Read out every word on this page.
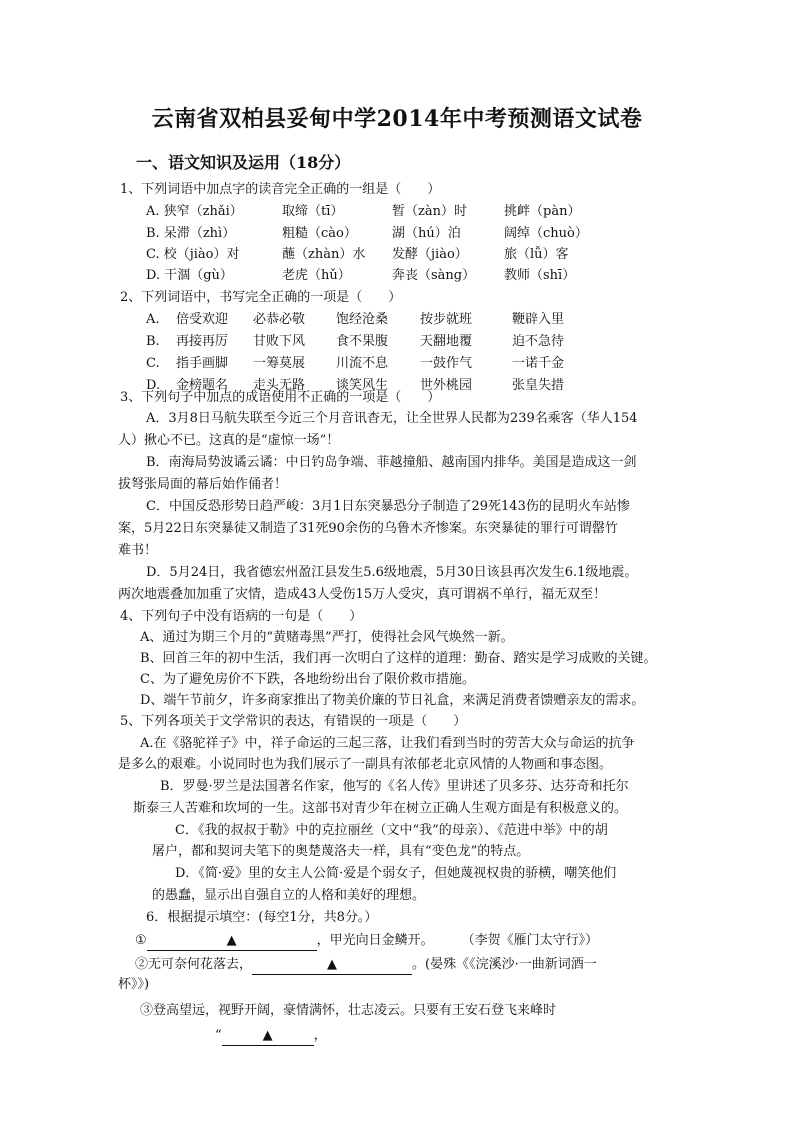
云南省双柏县妥甸中学2014年中考预测语文试卷
一、语文知识及运用（18分）
1、下列词语中加点字的读音完全正确的一组是（　　）
A. 狭窄（zhǎi）	取缔（tī）	暂（zàn）时	挑衅（pàn）
B. 呆滞（zhì）	粗糙（cào）	湖（hú）泊	阔绰（chuò）
C. 校（jiào）对	蘸（zhàn）水 发酵（jiào）	旅（lǚ）客
D. 干涸（gù）	老虎（hǔ）	奔丧（sàng） 教师（shī）
2、下列词语中，书写完全正确的一项是（　　）
A. 倍受欢迎 必恭必敬 饱经沧桑 按步就班	鞭辟入里
B. 再接再厉 甘败下风 食不果腹 天翻地覆	迫不急待
C. 指手画脚 一筹莫展 川流不息 一鼓作气	一诺千金
D. 金榜题名 走头无路 谈笑风生 世外桃园	张皇失措
3、下列句子中加点的成语使用不正确的一项是（　　）
A．3月8日马航失联至今近三个月音讯杳无，让全世界人民都为239名乘客（华人154
人）揪心不已。这真的是“虚惊一场”！
B．南海局势波谲云谲：中日钓岛争端、菲越撞船、越南国内排华。美国是造成这一剑
拔弩张局面的幕后始作俑者！
C．中国反恐形势日趋严峻：3月1日东突暴恐分子制造了29死143伤的昆明火车站惨
案，5月22日东突暴徒又制造了31死90余伤的乌鲁木齐惨案。东突暴徒的罪行可谓罄竹
难书！
D．5月24日，我省德宏州盈江县发生5.6级地震，5月30日该县再次发生6.1级地震。
两次地震叠加加重了灾情，造成43人受伤15万人受灾，真可谓祸不单行，福无双至！
4、下列句子中没有语病的一句是（　　）
A、通过为期三个月的“黄赌毒黑”严打，使得社会风气焕然一新。
B、回首三年的初中生活，我们再一次明白了这样的道理：勤奋、踏实是学习成败的关键。
C、为了避免房价不下跌，各地纷纷出台了限价救市措施。
D、端午节前夕，许多商家推出了物美价廉的节日礼盒，来满足消费者馈赠亲友的需求。
5、下列各项关于文学常识的表达，有错误的一项是（　　）
A.在《骆驼祥子》中，祥子命运的三起三落，让我们看到当时的劳苦大众与命运的抗争
是多么的艰难。小说同时也为我们展示了一副具有浓郁老北京风情的人物画和事态图。
B．罗曼·罗兰是法国著名作家，他写的《名人传》里讲述了贝多芬、达芬奇和托尔
斯泰三人苦难和坎坷的一生。这部书对青少年在树立正确人生观方面是有积极意义的。
C．《我的叔叔于勒》中的克拉丽丝（文中“我”的母亲）、《范进中举》中的胡
屠户，都和契诃夫笔下的奥楚蔑洛夫一样，具有“变色龙”的特点。
D．《简·爱》里的女主人公简·爱是个弱女子，但她蔑视权贵的骄横，嘲笑他们
的愚蠢，显示出自强自立的人格和美好的理想。
6．根据提示填空：(每空1分，共8分。）
①	▲	，甲光向日金鳞开。 （李贺《雁门太守行》）
②无可奈何花落去，	▲	。(晏殊《《浣溪沙·一曲新词酒一
杯》》)
③登高望远，视野开阔，豪情满怀，壮志凌云。只要有王安石登飞来峰时
“	▲	，
